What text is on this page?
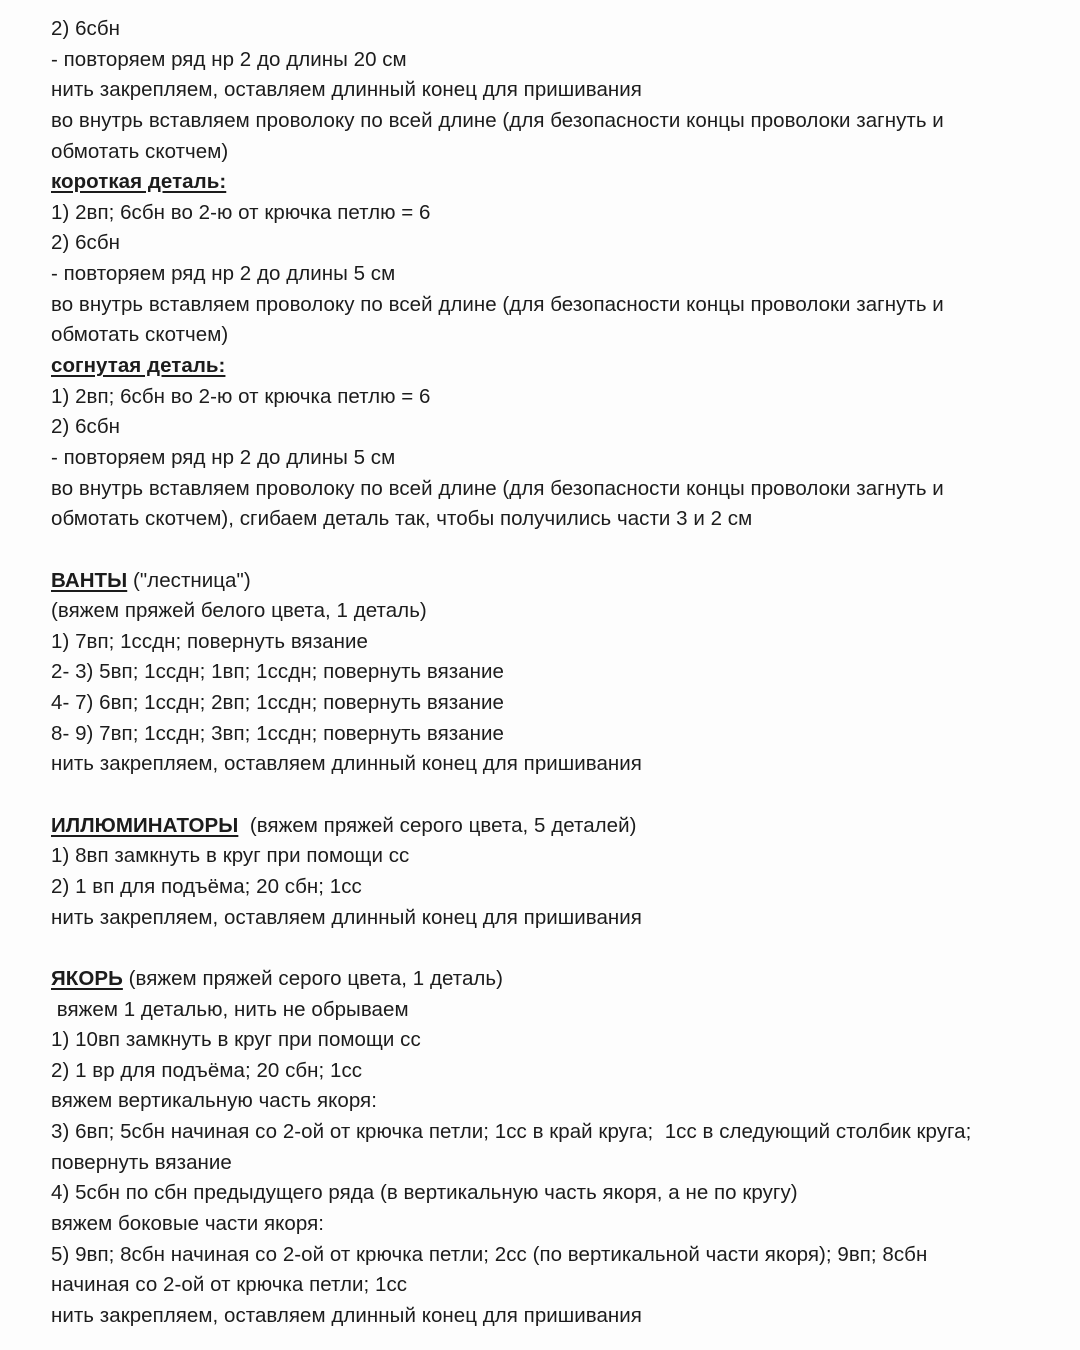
2) 6сбн
- повторяем ряд нр 2 до длины 20 см
нить закрепляем, оставляем длинный конец для пришивания
во внутрь вставляем проволоку по всей длине (для безопасности концы проволоки загнуть и
обмотать скотчем)
короткая деталь:
1) 2вп; 6сбн во 2-ю от крючка петлю = 6
2) 6сбн
- повторяем ряд нр 2 до длины 5 см
во внутрь вставляем проволоку по всей длине (для безопасности концы проволоки загнуть и
обмотать скотчем)
согнутая деталь:
1) 2вп; 6сбн во 2-ю от крючка петлю = 6
2) 6сбн
- повторяем ряд нр 2 до длины 5 см
во внутрь вставляем проволоку по всей длине (для безопасности концы проволоки загнуть и
обмотать скотчем), сгибаем деталь так, чтобы получились части 3 и 2 см
ВАНТЫ ("лестница")
(вяжем пряжей белого цвета, 1 деталь)
1) 7вп; 1ссдн; повернуть вязание
2- 3) 5вп; 1ссдн; 1вп; 1ссдн; повернуть вязание
4- 7) 6вп; 1ссдн; 2вп; 1ссдн; повернуть вязание
8- 9) 7вп; 1ссдн; 3вп; 1ссдн; повернуть вязание
нить закрепляем, оставляем длинный конец для пришивания
ИЛЛЮМИНАТОРЫ  (вяжем пряжей серого цвета, 5 деталей)
1) 8вп замкнуть в круг при помощи сс
2) 1 вп для подъёма; 20 сбн; 1сс
нить закрепляем, оставляем длинный конец для пришивания
ЯКОРЬ (вяжем пряжей серого цвета, 1 деталь)
вяжем 1 деталью, нить не обрываем
1) 10вп замкнуть в круг при помощи сс
2) 1 вр для подъёма; 20 сбн; 1сс
вяжем вертикальную часть якоря:
3) 6вп; 5сбн начиная со 2-ой от крючка петли; 1сс в край круга;  1сс в следующий столбик круга;
повернуть вязание
4) 5сбн по сбн предыдущего ряда (в вертикальную часть якоря, а не по кругу)
вяжем боковые части якоря:
5) 9вп; 8сбн начиная со 2-ой от крючка петли; 2сс (по вертикальной части якоря); 9вп; 8сбн
начиная со 2-ой от крючка петли; 1сс
нить закрепляем, оставляем длинный конец для пришивания
